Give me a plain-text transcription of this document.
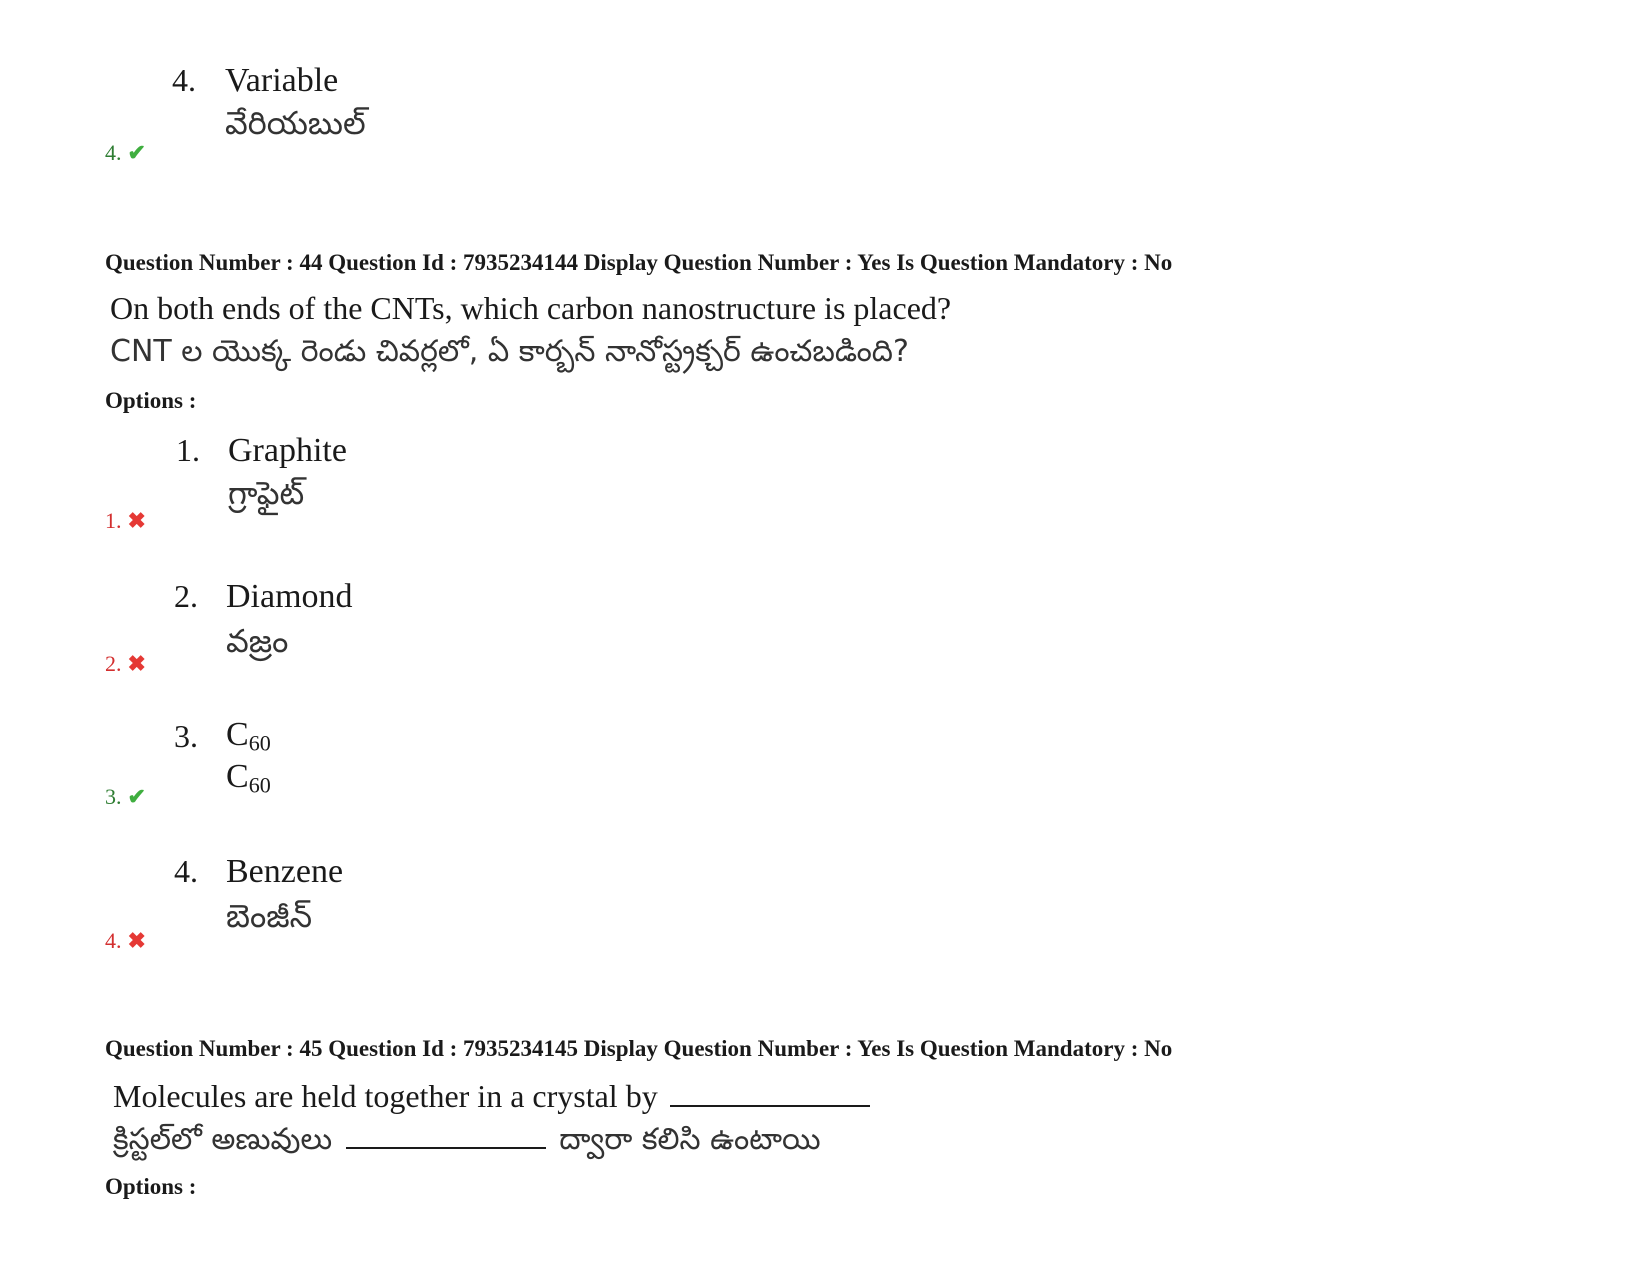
4. Variable
వేరియబుల్
4. ✔
Question Number : 44 Question Id : 7935234144 Display Question Number : Yes Is Question Mandatory : No
On both ends of the CNTs, which carbon nanostructure is placed?
CNT ల యొక్క రెండు చివర్లలో, ఏ కార్బన్ నానోస్ట్రక్చర్ ఉంచబడింది?
Options :
1. Graphite
గ్రాఫైట్
1. ✖
2. Diamond
వజ్రం
2. ✖
3. $C_{60}$
$C_{60}$
3. ✔
4. Benzene
బెంజీన్
4. ✖
Question Number : 45 Question Id : 7935234145 Display Question Number : Yes Is Question Mandatory : No
Molecules are held together in a crystal by
క్రిస్టల్‌లో అణువులు	ద్వారా కలిసి ఉంటాయి
Options :
